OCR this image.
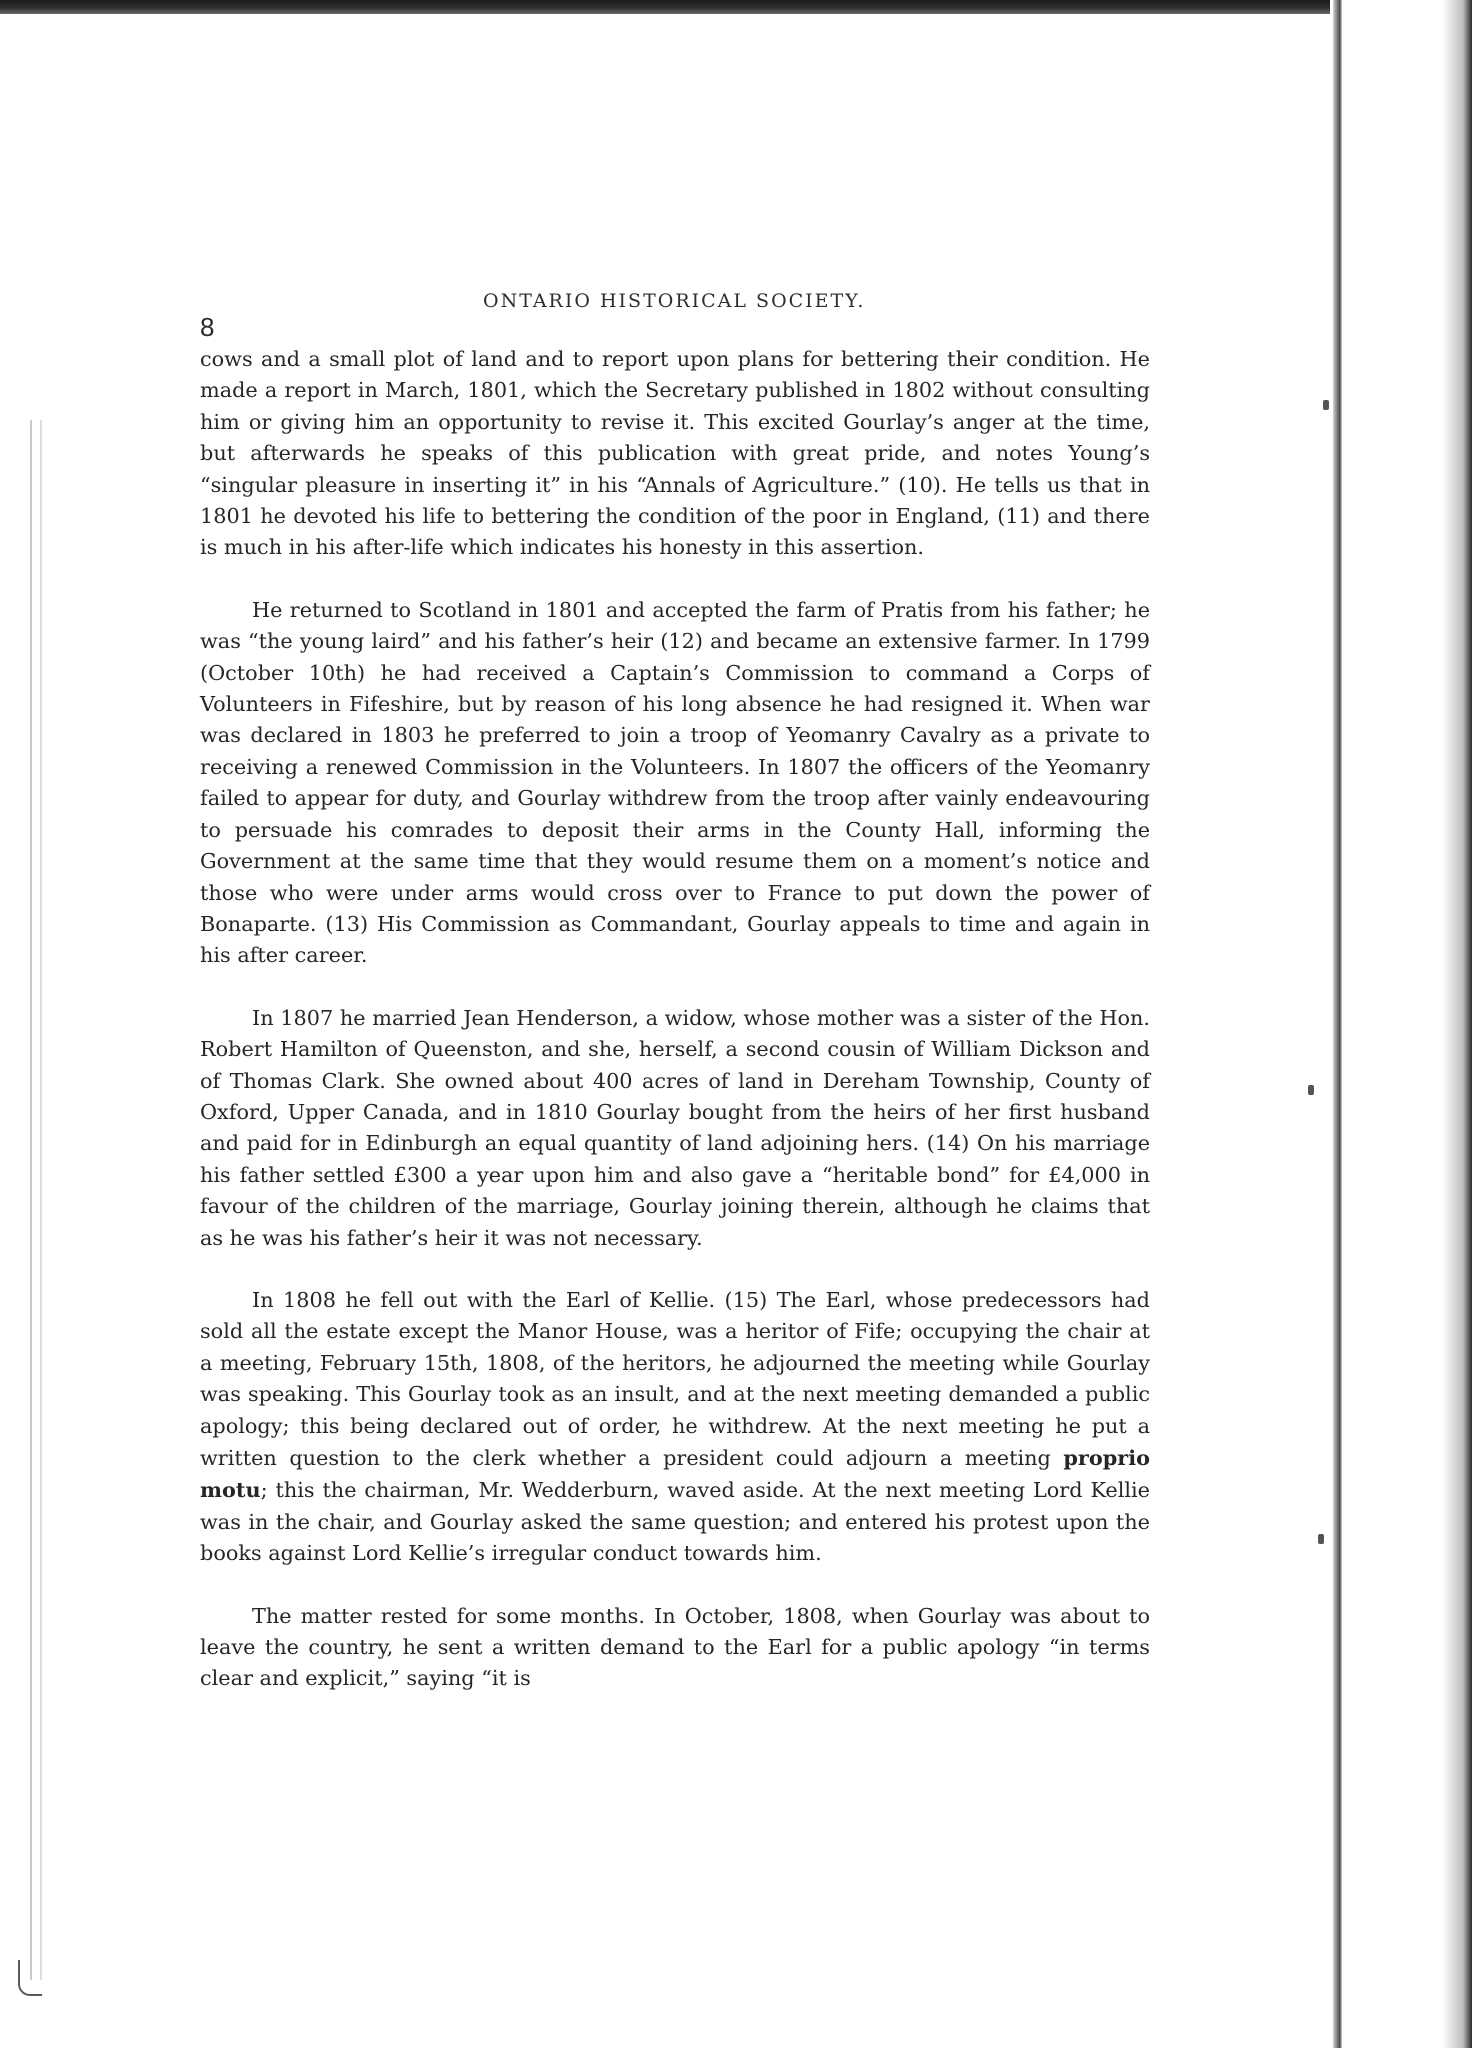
8
ONTARIO HISTORICAL SOCIETY.

cows and a small plot of land and to report upon plans for bettering their condition. He made a report in March, 1801, which the Secretary published in 1802 without consulting him or giving him an opportunity to revise it. This excited Gourlay’s anger at the time, but afterwards he speaks of this publication with great pride, and notes Young’s “singular pleasure in inserting it” in his “Annals of Agriculture.” (10). He tells us that in 1801 he devoted his life to bettering the condition of the poor in England, (11) and there is much in his after-life which indicates his honesty in this assertion.

He returned to Scotland in 1801 and accepted the farm of Pratis from his father; he was “the young laird” and his father’s heir (12) and became an extensive farmer. In 1799 (October 10th) he had received a Captain’s Commission to command a Corps of Volunteers in Fifeshire, but by reason of his long absence he had resigned it. When war was declared in 1803 he preferred to join a troop of Yeomanry Cavalry as a private to receiving a renewed Commission in the Volunteers. In 1807 the officers of the Yeomanry failed to appear for duty, and Gourlay withdrew from the troop after vainly endeavouring to persuade his comrades to deposit their arms in the County Hall, informing the Government at the same time that they would resume them on a moment’s notice and those who were under arms would cross over to France to put down the power of Bonaparte. (13) His Commission as Commandant, Gourlay appeals to time and again in his after career.

In 1807 he married Jean Henderson, a widow, whose mother was a sister of the Hon. Robert Hamilton of Queenston, and she, herself, a second cousin of William Dickson and of Thomas Clark. She owned about 400 acres of land in Dereham Township, County of Oxford, Upper Canada, and in 1810 Gourlay bought from the heirs of her first husband and paid for in Edinburgh an equal quantity of land adjoining hers. (14) On his marriage his father settled £300 a year upon him and also gave a “heritable bond” for £4,000 in favour of the children of the marriage, Gourlay joining therein, although he claims that as he was his father’s heir it was not necessary.

In 1808 he fell out with the Earl of Kellie. (15) The Earl, whose predecessors had sold all the estate except the Manor House, was a heritor of Fife; occupying the chair at a meeting, February 15th, 1808, of the heritors, he adjourned the meeting while Gourlay was speaking. This Gourlay took as an insult, and at the next meeting demanded a public apology; this being declared out of order, he withdrew. At the next meeting he put a written question to the clerk whether a president could adjourn a meeting proprio motu; this the chairman, Mr. Wedderburn, waved aside. At the next meeting Lord Kellie was in the chair, and Gourlay asked the same question; and entered his protest upon the books against Lord Kellie’s irregular conduct towards him.

The matter rested for some months. In October, 1808, when Gourlay was about to leave the country, he sent a written demand to the Earl for a public apology “in terms clear and explicit,” saying “it is
